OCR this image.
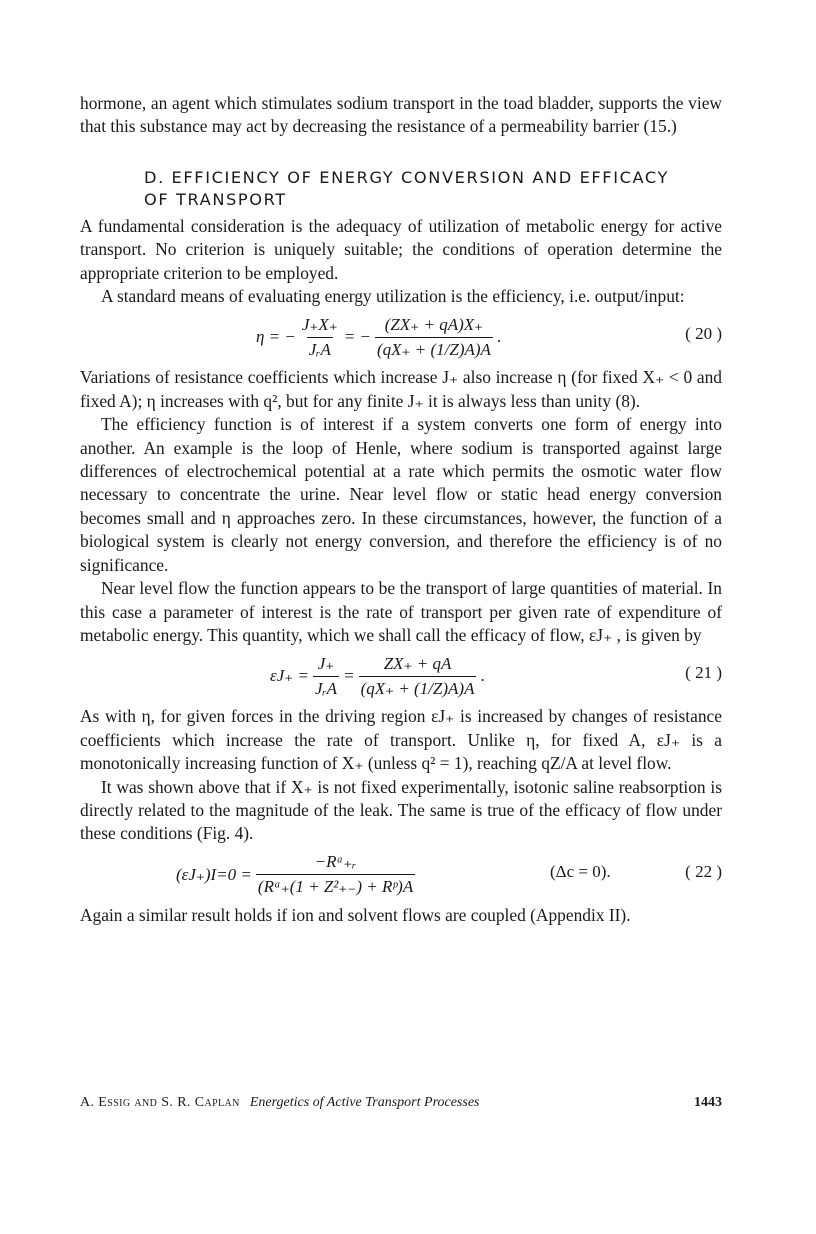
hormone, an agent which stimulates sodium transport in the toad bladder, supports the view that this substance may act by decreasing the resistance of a permeability barrier (15.)

D. EFFICIENCY OF ENERGY CONVERSION AND EFFICACY
OF TRANSPORT

A fundamental consideration is the adequacy of utilization of metabolic energy for active transport. No criterion is uniquely suitable; the conditions of operation determine the appropriate criterion to be employed.

A standard means of evaluating energy utilization is the efficiency, i.e. output/input:

η = − $\frac{J_+X_+}{\text{JᵣA}}$ = − $\frac{(ZX_+ + qA)X_+}{(qX_+ + (1/Z)A)A}$ .	( 20 )

Variations of resistance coefficients which increase J₊ also increase η (for fixed X₊ < 0 and fixed A); η increases with q², but for any finite J₊ it is always less than unity (8).

The efficiency function is of interest if a system converts one form of energy into another. An example is the loop of Henle, where sodium is transported against large differences of electrochemical potential at a rate which permits the osmotic water flow necessary to concentrate the urine. Near level flow or static head energy conversion becomes small and η approaches zero. In these circumstances, however, the function of a biological system is clearly not energy conversion, and therefore the efficiency is of no significance.

Near level flow the function appears to be the transport of large quantities of material. In this case a parameter of interest is the rate of transport per given rate of expenditure of metabolic energy. This quantity, which we shall call the efficacy of flow, εJ₊ , is given by

$\varepsilon J_+ = \frac{J_+}{\text{JᵣA}} = \frac{ZX_+ + qA}{(qX_+ + (1/Z)A)A}$ .	( 21 )

As with η, for given forces in the driving region εJ₊ is increased by changes of resistance coefficients which increase the rate of transport. Unlike η, for fixed A, εJ₊ is a monotonically increasing function of X₊ (unless q² = 1), reaching qZ/A at level flow.

It was shown above that if X₊ is not fixed experimentally, isotonic saline reabsorption is directly related to the magnitude of the leak. The same is true of the efficacy of flow under these conditions (Fig. 4).

$(\varepsilon J_+)I=0 = \frac{\text{−Rᵃ₊ᵣ}}{\text{(Rᵃ₊(1 + Z²₊₋) + Rᵖ)A}}$	(Δc = 0).	( 22 )

Again a similar result holds if ion and solvent flows are coupled (Appendix II).

A. Essig and S. R. Caplan Energetics of Active Transport Processes	1443
